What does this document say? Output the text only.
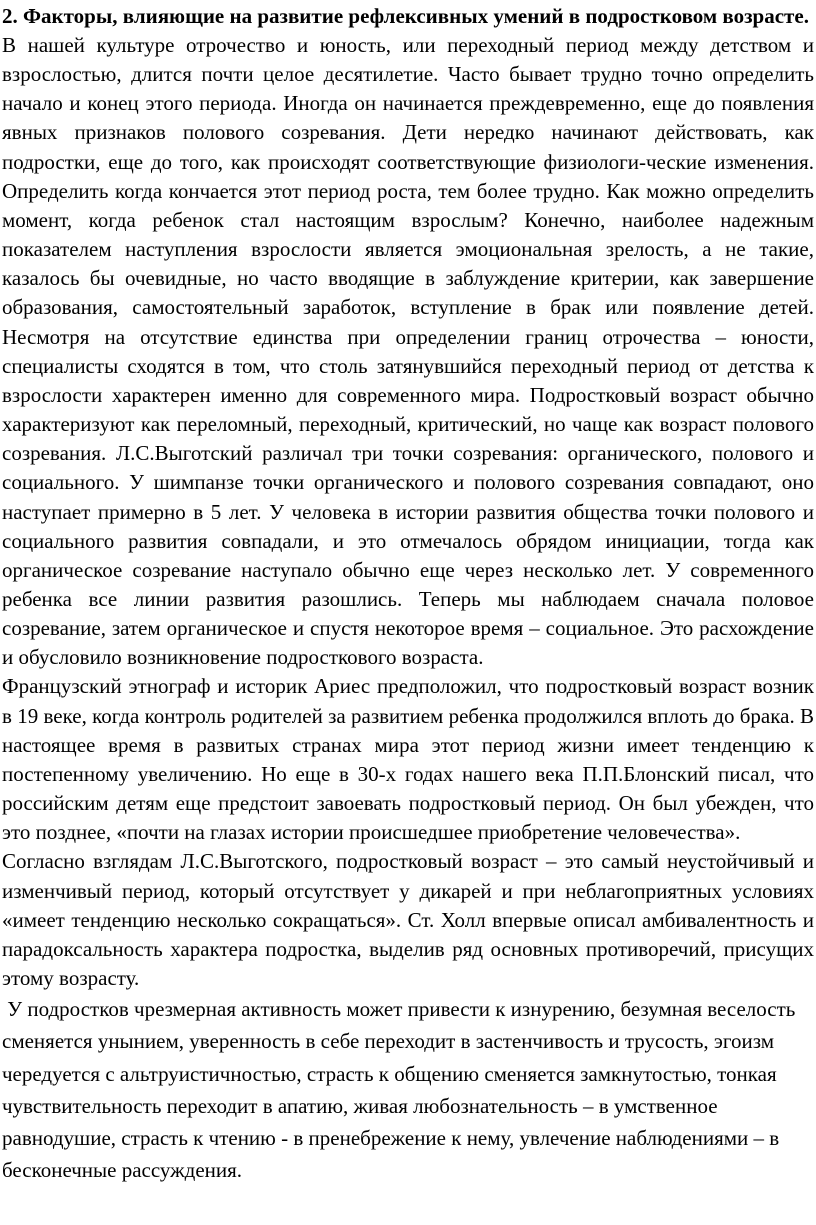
2. Факторы, влияющие на развитие рефлексивных умений в подростковом возрасте.

В нашей культуре отрочество и юность, или переходный период между детством и взрослостью, длится почти целое десятилетие. Часто бывает трудно точно определить начало и конец этого периода. Иногда он начинается преждевременно, еще до появления явных признаков полового созревания. Дети нередко начинают действовать, как подростки, еще до того, как происходят соответствующие физиологи-ческие изменения. Определить когда кончается этот период роста, тем более трудно. Как можно определить момент, когда ребенок стал настоящим взрослым? Конечно, наиболее надежным показателем наступления взрослости является эмоциональная зрелость, а не такие, казалось бы очевидные, но часто вводящие в заблуждение критерии, как завершение образования, самостоятельный заработок, вступление в брак или появление детей. Несмотря на отсутствие единства при определении границ отрочества – юности, специалисты сходятся в том, что столь затянувшийся переходный период от детства к взрослости характерен именно для современного мира. Подростковый возраст обычно характеризуют как переломный, переходный, критический, но чаще как возраст полового созревания. Л.С.Выготский различал три точки созревания: органического, полового и социального. У шимпанзе точки органического и полового созревания совпадают, оно наступает примерно в 5 лет. У человека в истории развития общества точки полового и социального развития совпадали, и это отмечалось обрядом инициации, тогда как органическое созревание наступало обычно еще через несколько лет. У современного ребенка все линии развития разошлись. Теперь мы наблюдаем сначала половое созревание, затем органическое и спустя некоторое время – социальное. Это расхождение и обусловило возникновение подросткового возраста.

Французский этнограф и историк Ариес предположил, что подростковый возраст возник в 19 веке, когда контроль родителей за развитием ребенка продолжился вплоть до брака. В настоящее время в развитых странах мира этот период жизни имеет тенденцию к постепенному увеличению. Но еще в 30-х годах нашего века П.П.Блонский писал, что российским детям еще предстоит завоевать подростковый период. Он был убежден, что это позднее, «почти на глазах истории происшедшее приобретение человечества».

Согласно взглядам Л.С.Выготского, подростковый возраст – это самый неустойчивый и изменчивый период, который отсутствует у дикарей и при неблагоприятных условиях «имеет тенденцию несколько сокращаться». Ст. Холл впервые описал амбивалентность и парадоксальность характера подростка, выделив ряд основных противоречий, присущих этому возрасту.

У подростков чрезмерная активность может привести к изнурению, безумная веселость сменяется унынием, уверенность в себе переходит в застенчивость и трусость, эгоизм чередуется с альтруистичностью, страсть к общению сменяется замкнутостью, тонкая чувствительность переходит в апатию, живая любознательность – в умственное равнодушие, страсть к чтению - в пренебрежение к нему, увлечение наблюдениями – в бесконечные рассуждения.
